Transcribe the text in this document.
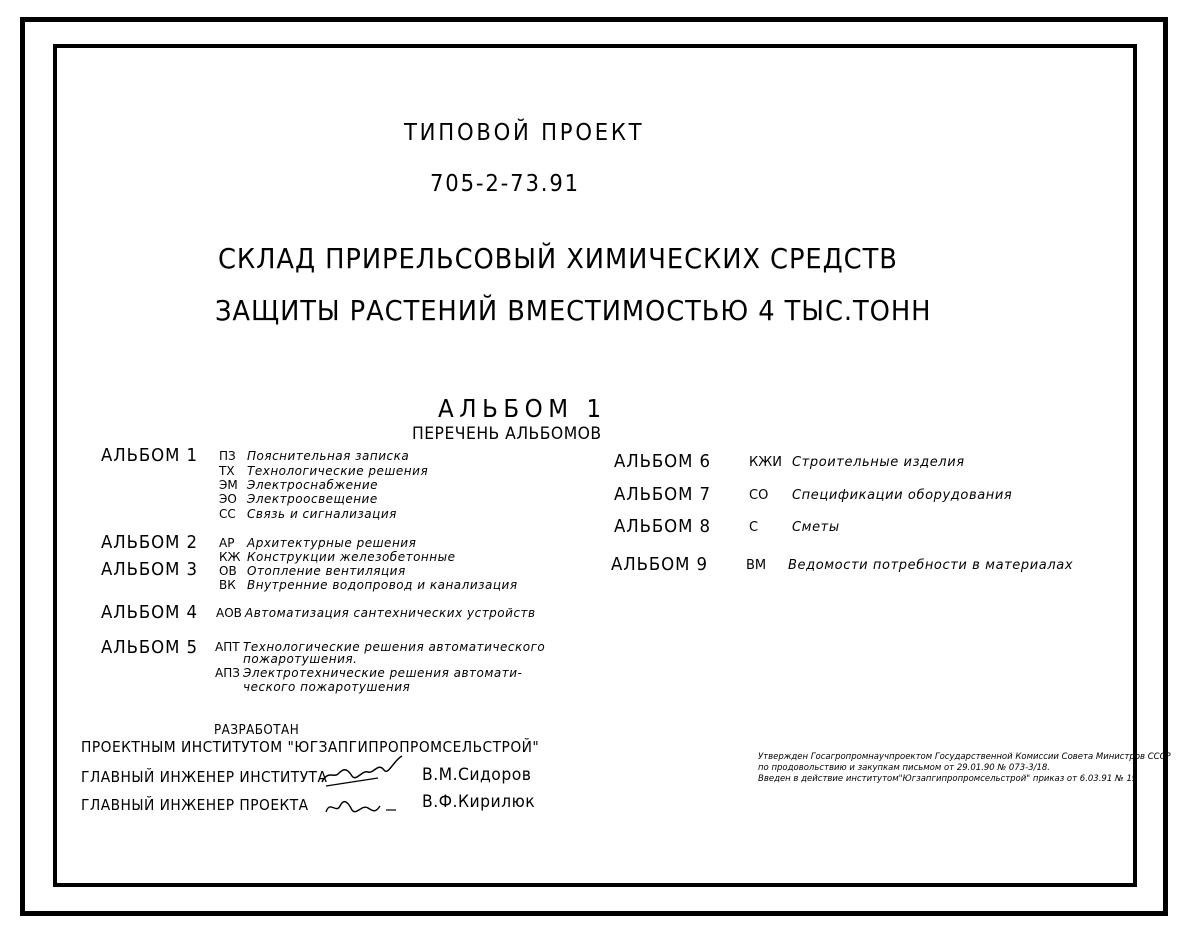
ТИПОВОЙ ПРОЕКТ
705-2-73.91
СКЛАД ПРИРЕЛЬСОВЫЙ ХИМИЧЕСКИХ СРЕДСТВ
ЗАЩИТЫ РАСТЕНИЙ ВМЕСТИМОСТЬЮ 4 ТЫС.ТОНН
АЛЬБОМ 1
ПЕРЕЧЕНЬ АЛЬБОМОВ
АЛЬБОМ 1 ПЗ Пояснительная записка
ТХ Технологические решения
ЭМ Электроснабжение
ЭО Электроосвещение
СС Связь и сигнализация
АЛЬБОМ 2 АР Архитектурные решения
КЖ Конструкции железобетонные
АЛЬБОМ 3 ОВ Отопление вентиляция
ВК Внутренние водопровод и канализация
АЛЬБОМ 4 АОВ Автоматизация сантехнических устройств
АЛЬБОМ 5 АПТ Технологические решения автоматического
пожаротушения.
АПЗ Электротехнические решения автомати-
ческого пожаротушения
АЛЬБОМ 6	КЖИ Строительные изделия
АЛЬБОМ 7	СО Спецификации оборудования
АЛЬБОМ 8	С	Сметы
АЛЬБОМ 9	ВМ Ведомости потребности в материалах
РАЗРАБОТАН
ПРОЕКТНЫМ ИНСТИТУТОМ "ЮГЗАПГИПРОПРОМСЕЛЬСТРОЙ"
ГЛАВНЫЙ ИНЖЕНЕР ИНСТИТУТА	В.М.Сидоров
ГЛАВНЫЙ ИНЖЕНЕР ПРОЕКТА	В.Ф.Кирилюк
Утвержден Госагропромнаучпроектом Государственной Комиссии Совета Министров СССР
по продовольствию и закупкам письмом от 29.01.90 № 073-3/18.
Введен в действие институтом"Югзапгипропромсельстрой" приказ от 6.03.91 № 19
